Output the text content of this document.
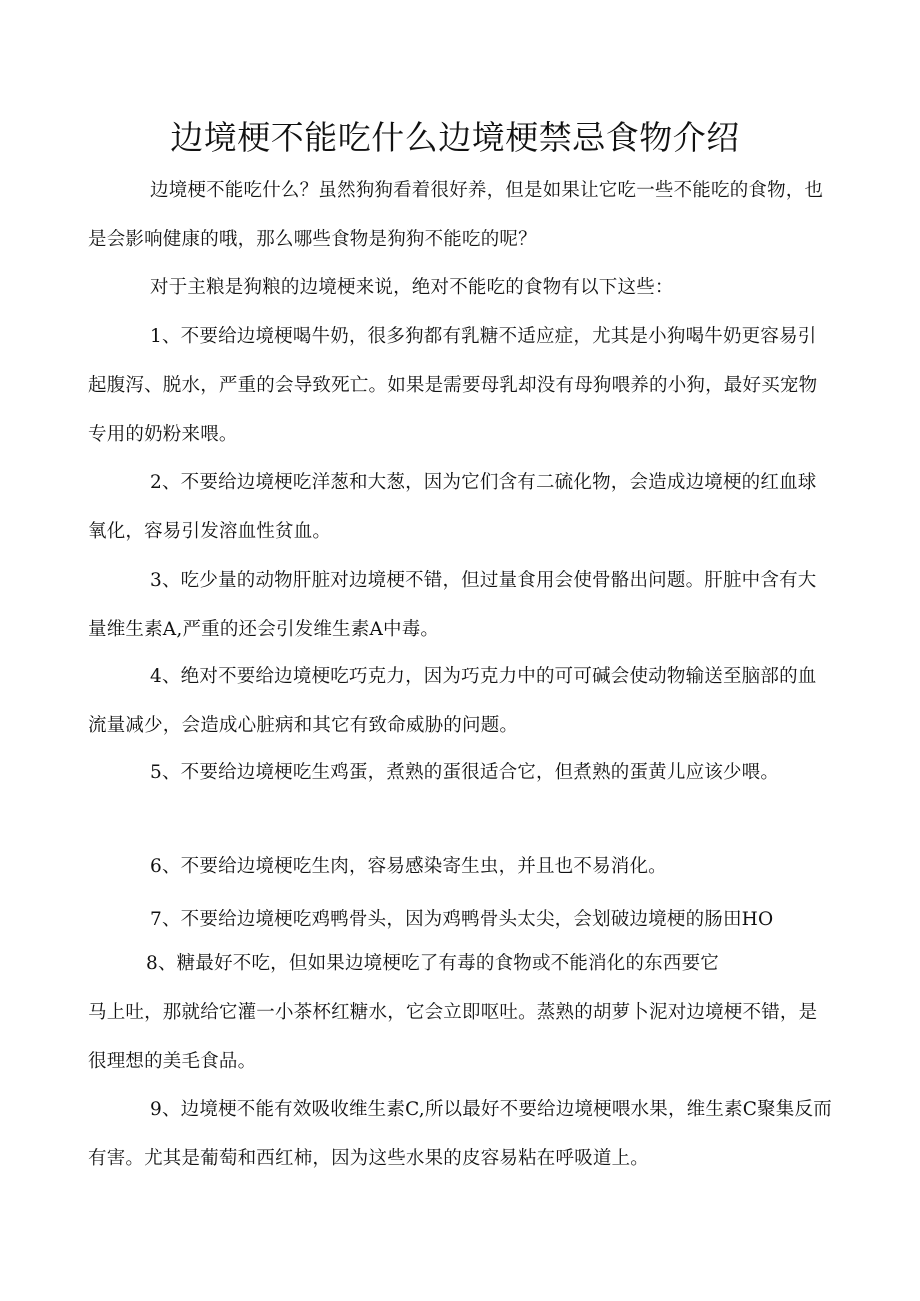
边境梗不能吃什么边境梗禁忌食物介绍

边境梗不能吃什么？虽然狗狗看着很好养，但是如果让它吃一些不能吃的食物，也是会影响健康的哦，那么哪些食物是狗狗不能吃的呢？

对于主粮是狗粮的边境梗来说，绝对不能吃的食物有以下这些：

1、不要给边境梗喝牛奶，很多狗都有乳糖不适应症，尤其是小狗喝牛奶更容易引起腹泻、脱水，严重的会导致死亡。如果是需要母乳却没有母狗喂养的小狗，最好买宠物专用的奶粉来喂。

2、不要给边境梗吃洋葱和大葱，因为它们含有二硫化物，会造成边境梗的红血球氧化，容易引发溶血性贫血。

3、吃少量的动物肝脏对边境梗不错，但过量食用会使骨骼出问题。肝脏中含有大量维生素A,严重的还会引发维生素A中毒。

4、绝对不要给边境梗吃巧克力，因为巧克力中的可可碱会使动物输送至脑部的血流量减少，会造成心脏病和其它有致命威胁的问题。

5、不要给边境梗吃生鸡蛋，煮熟的蛋很适合它，但煮熟的蛋黄儿应该少喂。

6、不要给边境梗吃生肉，容易感染寄生虫，并且也不易消化。

7、不要给边境梗吃鸡鸭骨头，因为鸡鸭骨头太尖，会划破边境梗的肠田HO

8、糖最好不吃，但如果边境梗吃了有毒的食物或不能消化的东西要它

马上吐，那就给它灌一小茶杯红糖水，它会立即呕吐。蒸熟的胡萝卜泥对边境梗不错，是很理想的美毛食品。

9、边境梗不能有效吸收维生素C,所以最好不要给边境梗喂水果，维生素C聚集反而有害。尤其是葡萄和西红柿，因为这些水果的皮容易粘在呼吸道上。
